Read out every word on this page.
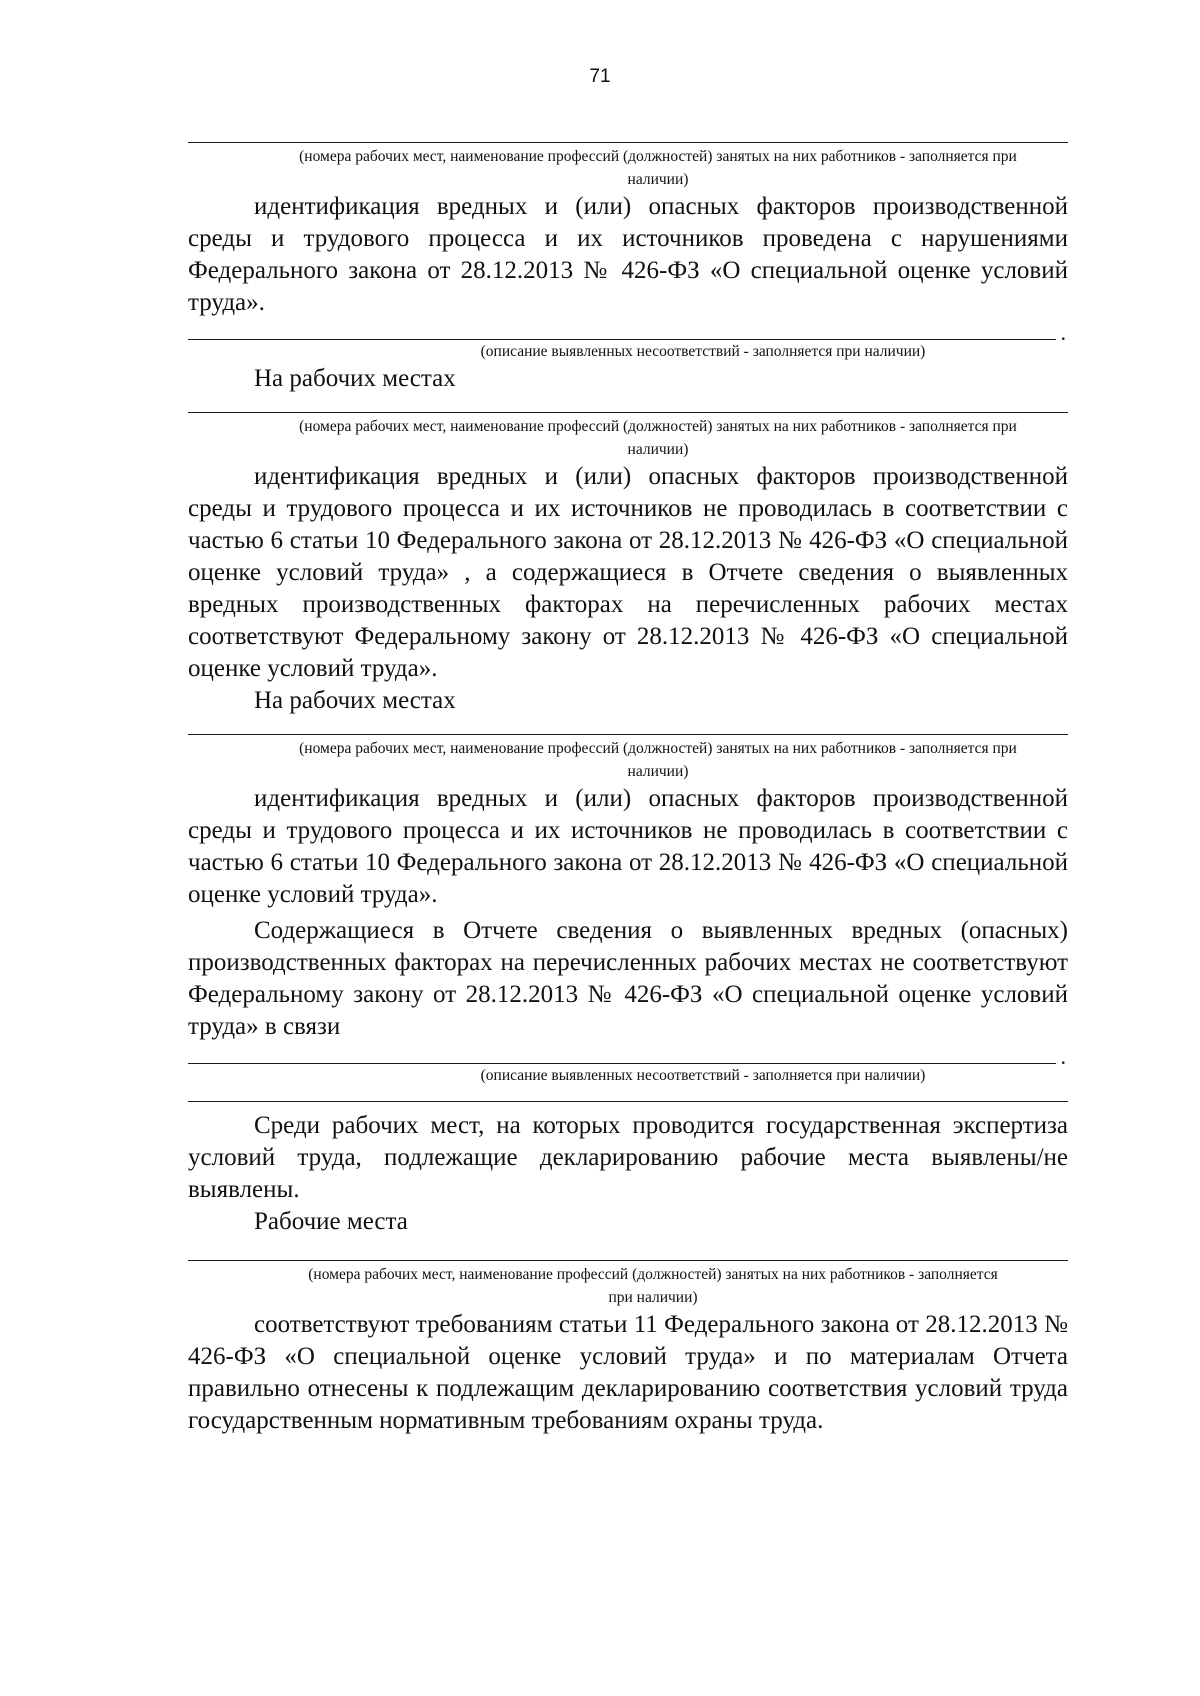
71
(номера рабочих мест, наименование профессий (должностей) занятых на них работников - заполняется при наличии)

идентификация вредных и (или) опасных факторов производственной среды и трудового процесса и их источников проведена с нарушениями Федерального закона от 28.12.2013 № 426-ФЗ «О специальной оценке условий труда».

.
(описание выявленных несоответствий - заполняется при наличии)

На рабочих местах

(номера рабочих мест, наименование профессий (должностей) занятых на них работников - заполняется при наличии)

идентификация вредных и (или) опасных факторов производственной среды и трудового процесса и их источников не проводилась в соответствии с частью 6 статьи 10 Федерального закона от 28.12.2013 № 426-ФЗ «О специальной оценке условий труда» , а содержащиеся в Отчете сведения о выявленных вредных производственных факторах на перечисленных рабочих местах соответствуют Федеральному закону от 28.12.2013 № 426-ФЗ «О специальной оценке условий труда».

На рабочих местах

(номера рабочих мест, наименование профессий (должностей) занятых на них работников - заполняется при наличии)

идентификация вредных и (или) опасных факторов производственной среды и трудового процесса и их источников не проводилась в соответствии с частью 6 статьи 10 Федерального закона от 28.12.2013 № 426-ФЗ «О специальной оценке условий труда».

Содержащиеся в Отчете сведения о выявленных вредных (опасных) производственных факторах на перечисленных рабочих местах не соответствуют Федеральному закону от 28.12.2013 № 426-ФЗ «О специальной оценке условий труда» в связи

.
(описание выявленных несоответствий - заполняется при наличии)

Среди рабочих мест, на которых проводится государственная экспертиза условий труда, подлежащие декларированию рабочие места выявлены/не выявлены.

Рабочие места

(номера рабочих мест, наименование профессий (должностей) занятых на них работников - заполняется при наличии)

соответствуют требованиям статьи 11 Федерального закона от 28.12.2013 № 426-ФЗ «О специальной оценке условий труда» и по материалам Отчета правильно отнесены к подлежащим декларированию соответствия условий труда государственным нормативным требованиям охраны труда.
